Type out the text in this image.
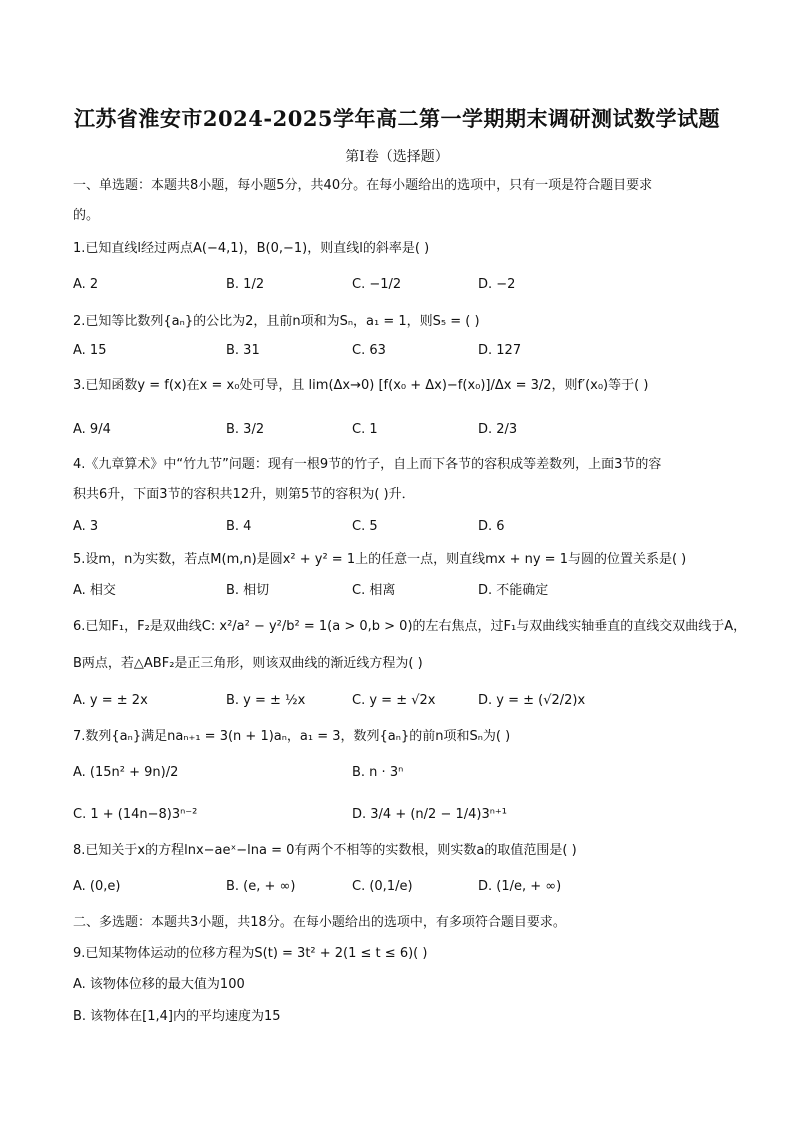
江苏省淮安市2024-2025学年高二第一学期期末调研测试数学试题
第I卷（选择题）
一、单选题：本题共8小题，每小题5分，共40分。在每小题给出的选项中，只有一项是符合题目要求
的。
1.已知直线l经过两点A(−4,1)，B(0,−1)，则直线l的斜率是( )
A. 2	B. 1/2	C. −1/2	D. −2
2.已知等比数列{aₙ}的公比为2，且前n项和为Sₙ，a₁ = 1，则S₅ = ( )
A. 15	B. 31	C. 63	D. 127
3.已知函数y = f(x)在x = x₀处可导，且 lim(Δx→0) [f(x₀ + Δx)−f(x₀)]/Δx = 3/2，则f′(x₀)等于( )
A. 9/4	B. 3/2	C. 1	D. 2/3
4.《九章算术》中“竹九节”问题：现有一根9节的竹子，自上而下各节的容积成等差数列，上面3节的容
积共6升，下面3节的容积共12升，则第5节的容积为( )升．
A. 3	B. 4	C. 5	D. 6
5.设m，n为实数，若点M(m,n)是圆x² + y² = 1上的任意一点，则直线mx + ny = 1与圆的位置关系是( )
A. 相交	B. 相切	C. 相离	D. 不能确定
6.已知F₁，F₂是双曲线C: x²/a² − y²/b² = 1(a > 0,b > 0)的左右焦点，过F₁与双曲线实轴垂直的直线交双曲线于A，
B两点，若△ABF₂是正三角形，则该双曲线的渐近线方程为( )
A. y = ± 2x	B. y = ± ½x	C. y = ± √2x	D. y = ± (√2/2)x
7.数列{aₙ}满足naₙ₊₁ = 3(n + 1)aₙ，a₁ = 3，数列{aₙ}的前n项和Sₙ为( )
A. (15n² + 9n)/2	B. n · 3ⁿ
C. 1 + (14n−8)3ⁿ⁻²	D. 3/4 + (n/2 − 1/4)3ⁿ⁺¹
8.已知关于x的方程lnx−aeˣ−lna = 0有两个不相等的实数根，则实数a的取值范围是( )
A. (0,e)	B. (e, + ∞)	C. (0,1/e)	D. (1/e, + ∞)
二、多选题：本题共3小题，共18分。在每小题给出的选项中，有多项符合题目要求。
9.已知某物体运动的位移方程为S(t) = 3t² + 2(1 ≤ t ≤ 6)( )
A. 该物体位移的最大值为100
B. 该物体在[1,4]内的平均速度为15
